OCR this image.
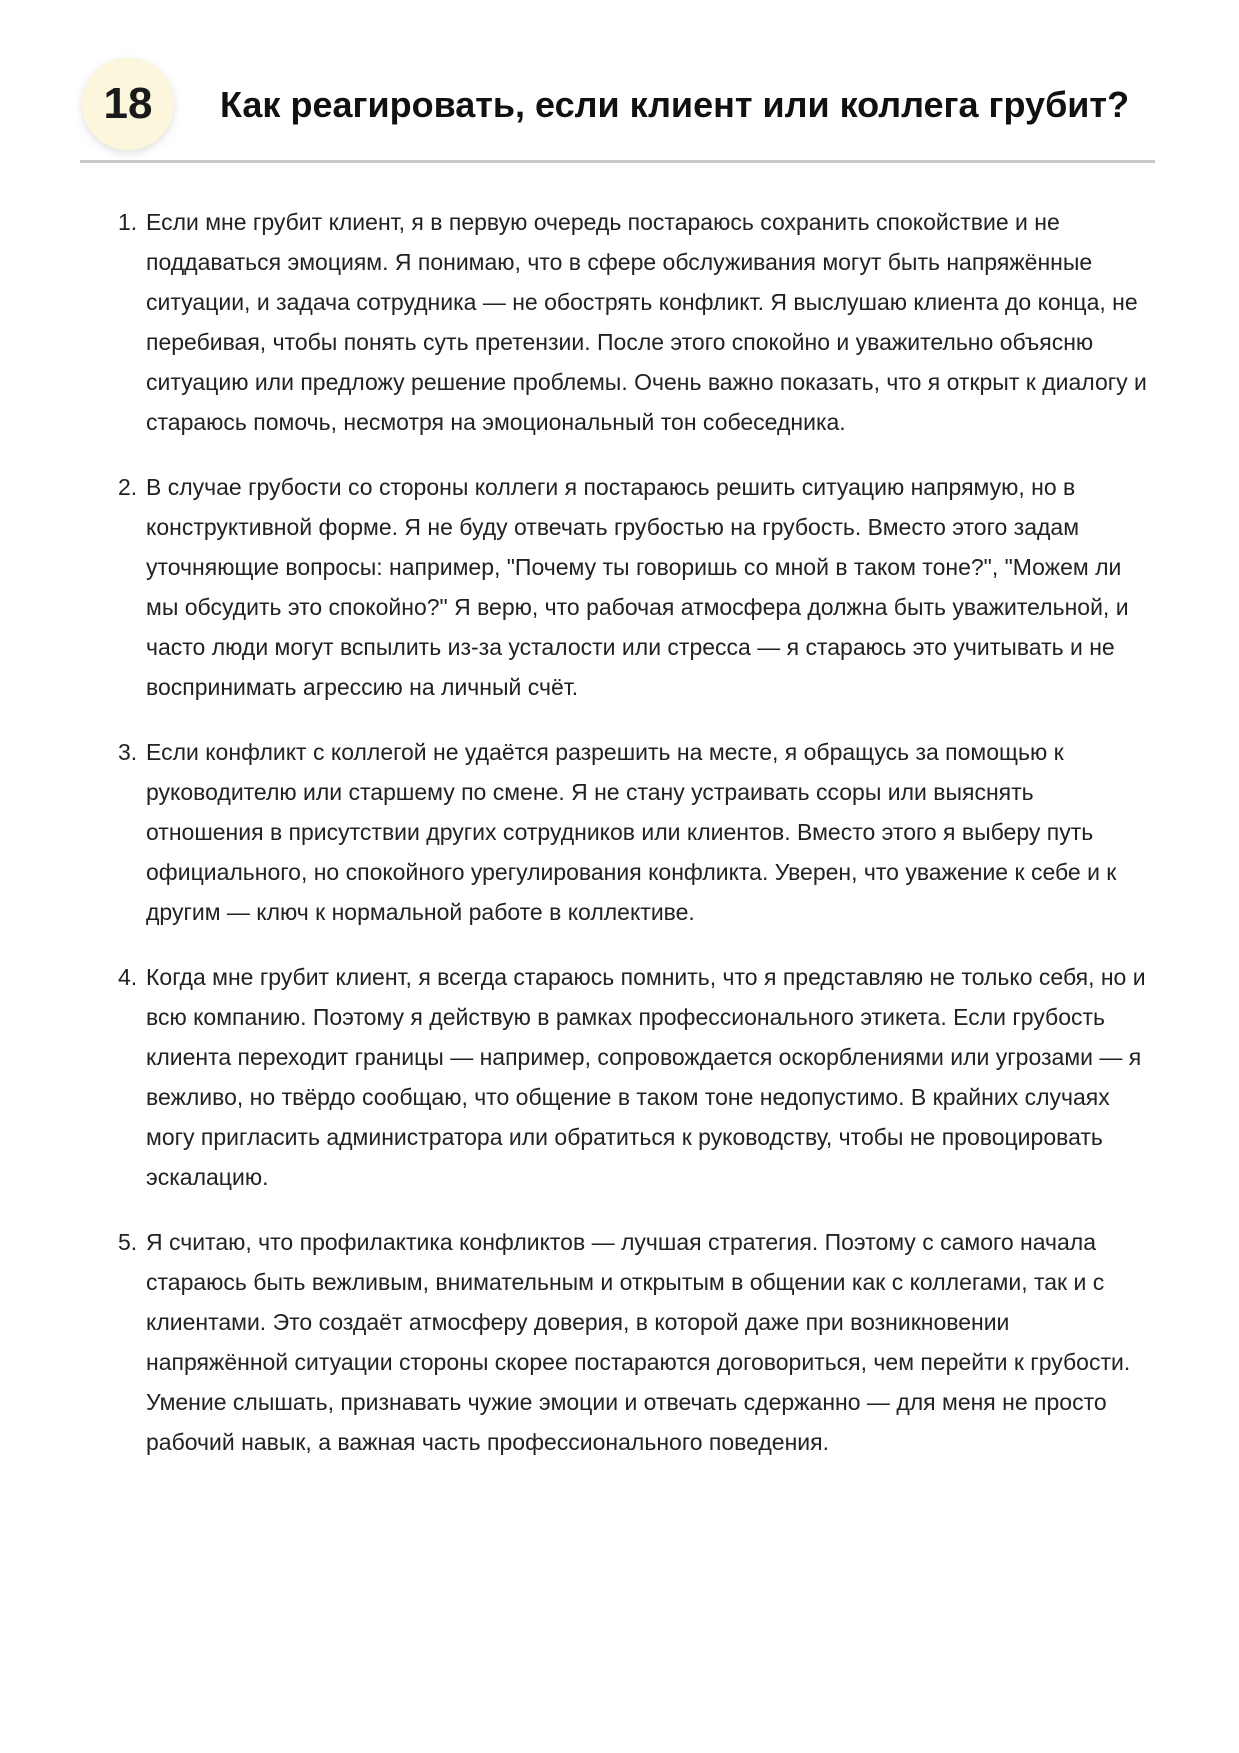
18	Как реагировать, если клиент или коллега грубит?
1. Если мне грубит клиент, я в первую очередь постараюсь сохранить спокойствие и не поддаваться эмоциям. Я понимаю, что в сфере обслуживания могут быть напряжённые ситуации, и задача сотрудника — не обострять конфликт. Я выслушаю клиента до конца, не перебивая, чтобы понять суть претензии. После этого спокойно и уважительно объясню ситуацию или предложу решение проблемы. Очень важно показать, что я открыт к диалогу и стараюсь помочь, несмотря на эмоциональный тон собеседника.
2. В случае грубости со стороны коллеги я постараюсь решить ситуацию напрямую, но в конструктивной форме. Я не буду отвечать грубостью на грубость. Вместо этого задам уточняющие вопросы: например, "Почему ты говоришь со мной в таком тоне?", "Можем ли мы обсудить это спокойно?" Я верю, что рабочая атмосфера должна быть уважительной, и часто люди могут вспылить из-за усталости или стресса — я стараюсь это учитывать и не воспринимать агрессию на личный счёт.
3. Если конфликт с коллегой не удаётся разрешить на месте, я обращусь за помощью к руководителю или старшему по смене. Я не стану устраивать ссоры или выяснять отношения в присутствии других сотрудников или клиентов. Вместо этого я выберу путь официального, но спокойного урегулирования конфликта. Уверен, что уважение к себе и к другим — ключ к нормальной работе в коллективе.
4. Когда мне грубит клиент, я всегда стараюсь помнить, что я представляю не только себя, но и всю компанию. Поэтому я действую в рамках профессионального этикета. Если грубость клиента переходит границы — например, сопровождается оскорблениями или угрозами — я вежливо, но твёрдо сообщаю, что общение в таком тоне недопустимо. В крайних случаях могу пригласить администратора или обратиться к руководству, чтобы не провоцировать эскалацию.
5. Я считаю, что профилактика конфликтов — лучшая стратегия. Поэтому с самого начала стараюсь быть вежливым, внимательным и открытым в общении как с коллегами, так и с клиентами. Это создаёт атмосферу доверия, в которой даже при возникновении напряжённой ситуации стороны скорее постараются договориться, чем перейти к грубости. Умение слышать, признавать чужие эмоции и отвечать сдержанно — для меня не просто рабочий навык, а важная часть профессионального поведения.
